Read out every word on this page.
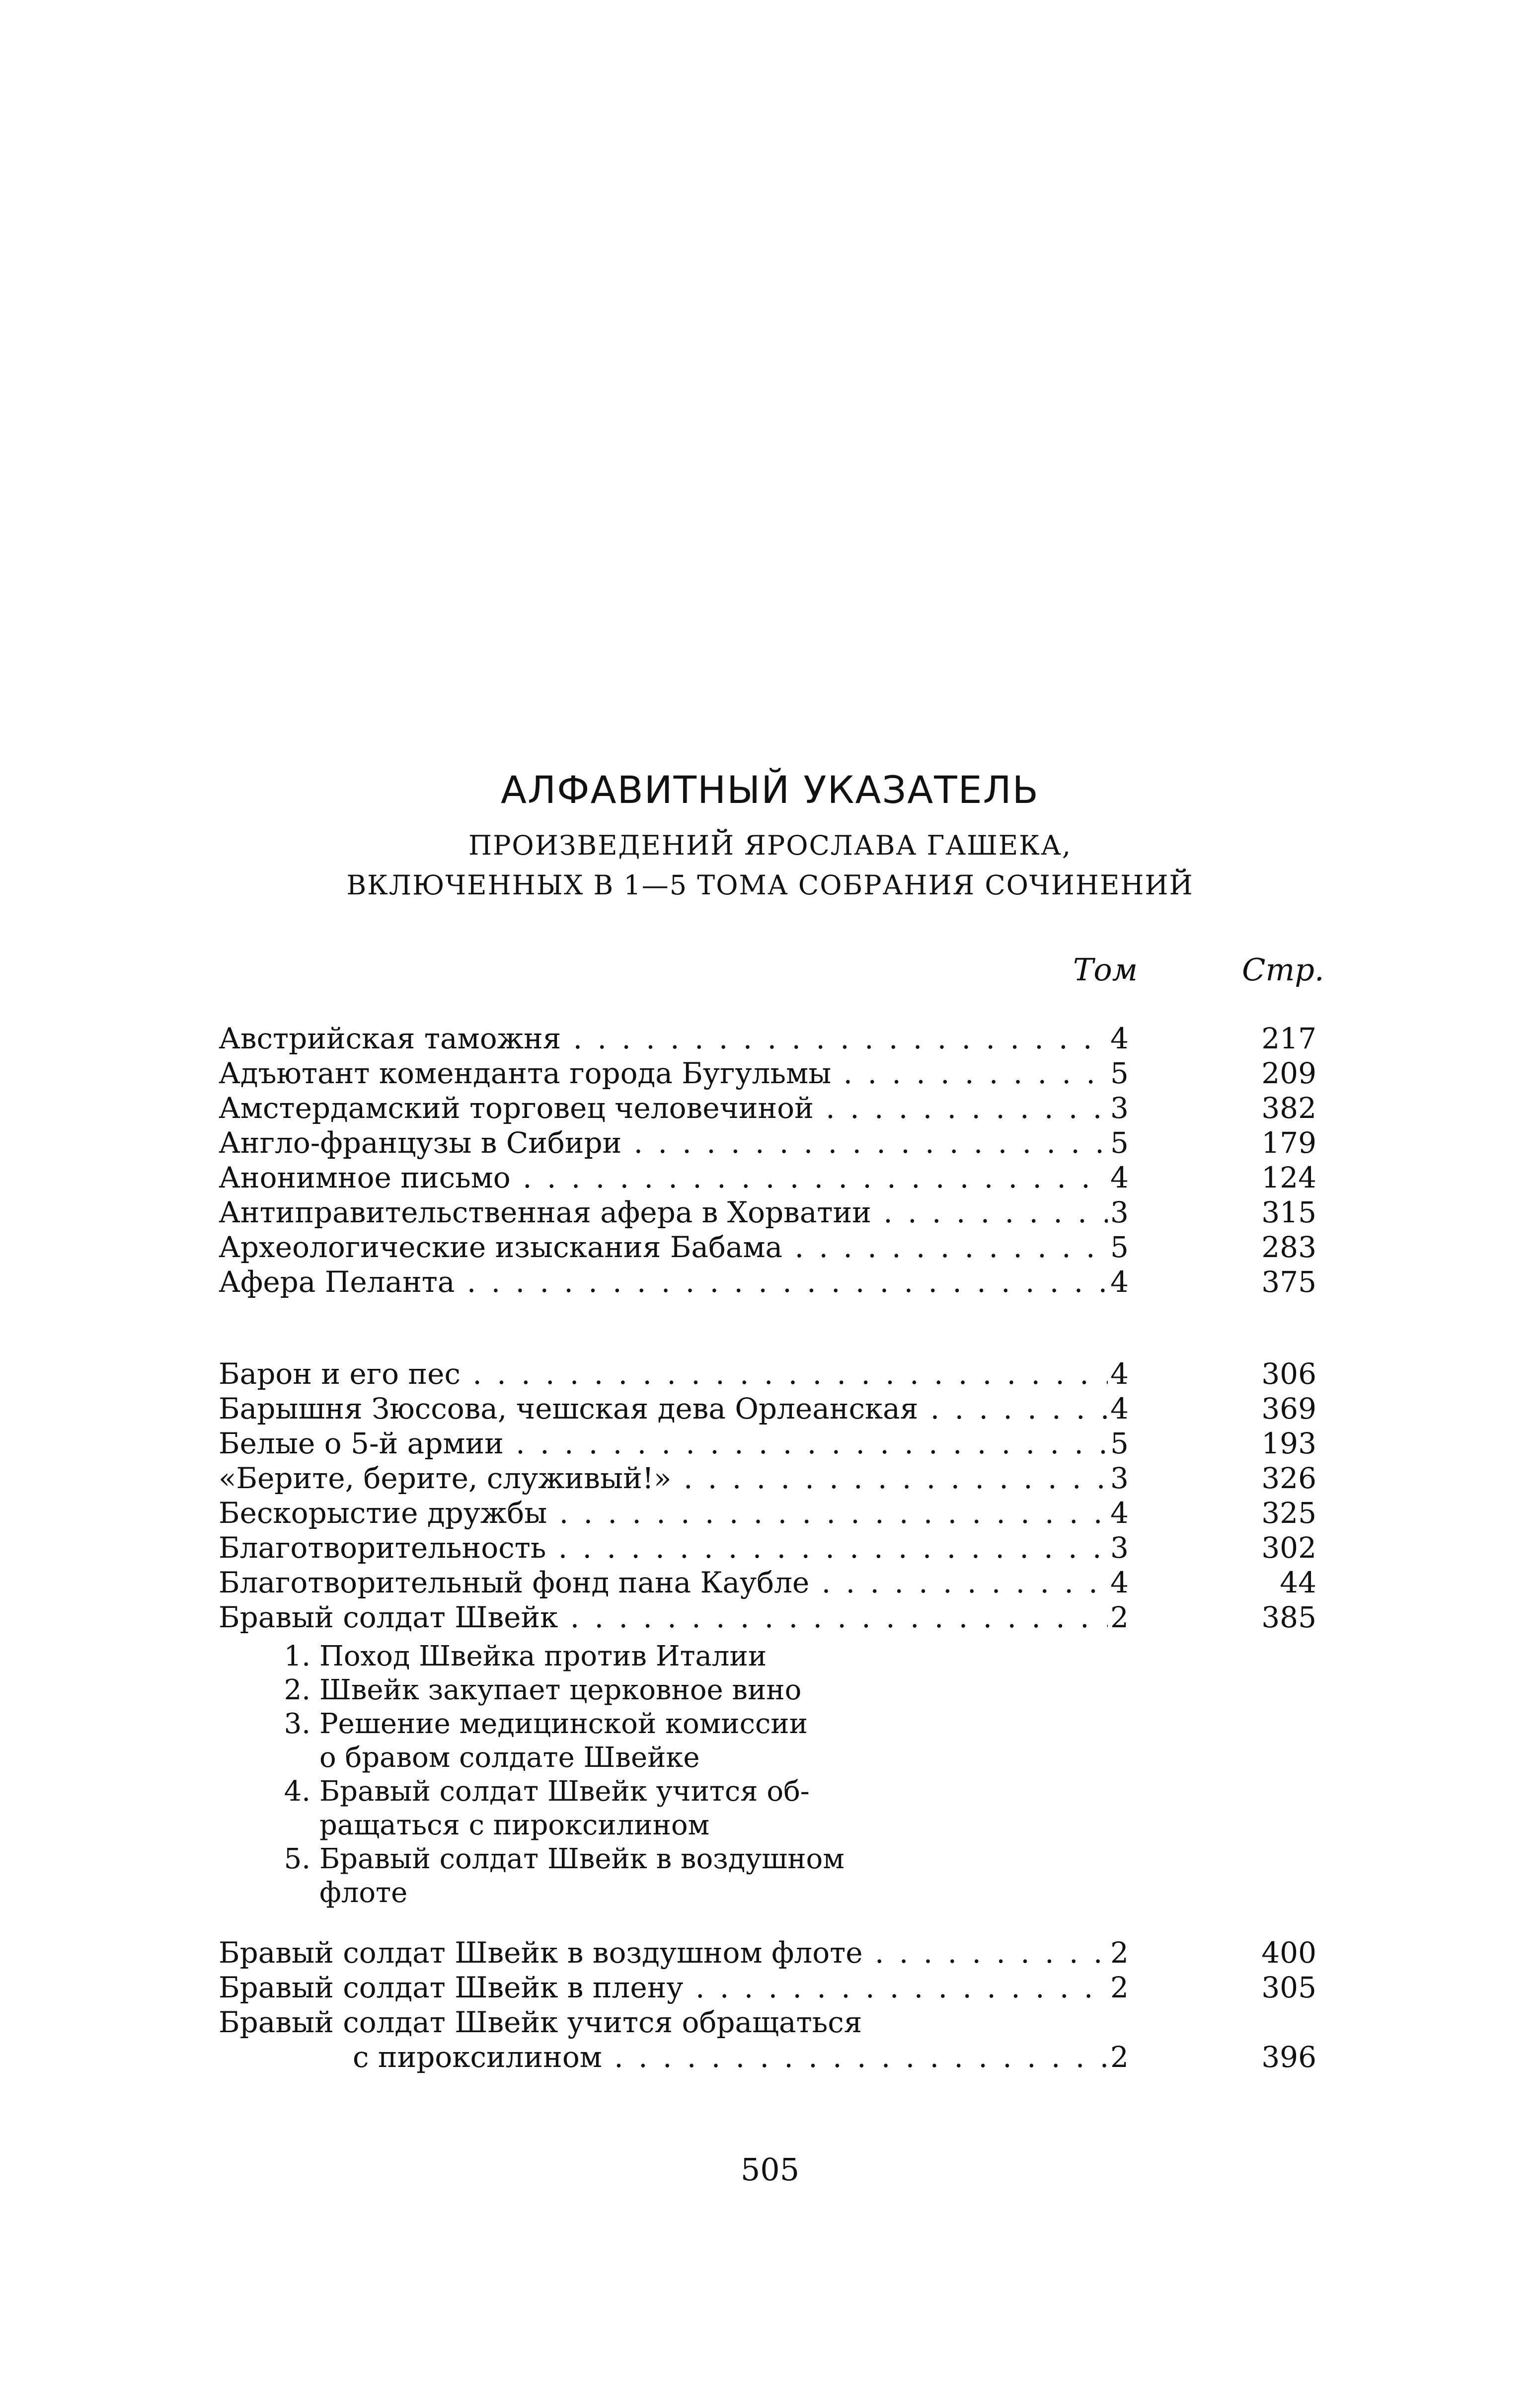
АЛФАВИТНЫЙ УКАЗАТЕЛЬ
ПРОИЗВЕДЕНИЙ ЯРОСЛАВА ГАШЕКА,
ВКЛЮЧЕННЫХ В 1—5 ТОМА СОБРАНИЯ СОЧИНЕНИЙ
Том	Стр.
Австрийская таможня . . .	4	217
Адъютант коменданта города Бугульмы . . .	5	209
Амстердамский торговец человечиной . . .	3	382
Англо-французы в Сибири . . .	5	179
Анонимное письмо . . .	4	124
Антиправительственная афера в Хорватии . . .	3	315
Археологические изыскания Бабама . . .	5	283
Афера Пеланта . . .	4	375
Барон и его пес . . .	4	306
Барышня Зюссова, чешская дева Орлеанская . . .	4	369
Белые о 5-й армии . . .	5	193
«Берите, берите, служивый!» . . .	3	326
Бескорыстие дружбы . . .	4	325
Благотворительность . . .	3	302
Благотворительный фонд пана Каубле . . .	4	44
Бравый солдат Швейк . . .	2	385
1. Поход Швейка против Италии
2. Швейк закупает церковное вино
3. Решение медицинской комиссии
о бравом солдате Швейке
4. Бравый солдат Швейк учится об-
ращаться с пироксилином
5. Бравый солдат Швейк в воздушном
флоте
Бравый солдат Швейк в воздушном флоте . . .	2	400
Бравый солдат Швейк в плену . . .	2	305
Бравый солдат Швейк учится обращаться
с пироксилином . . .	2	396
505
